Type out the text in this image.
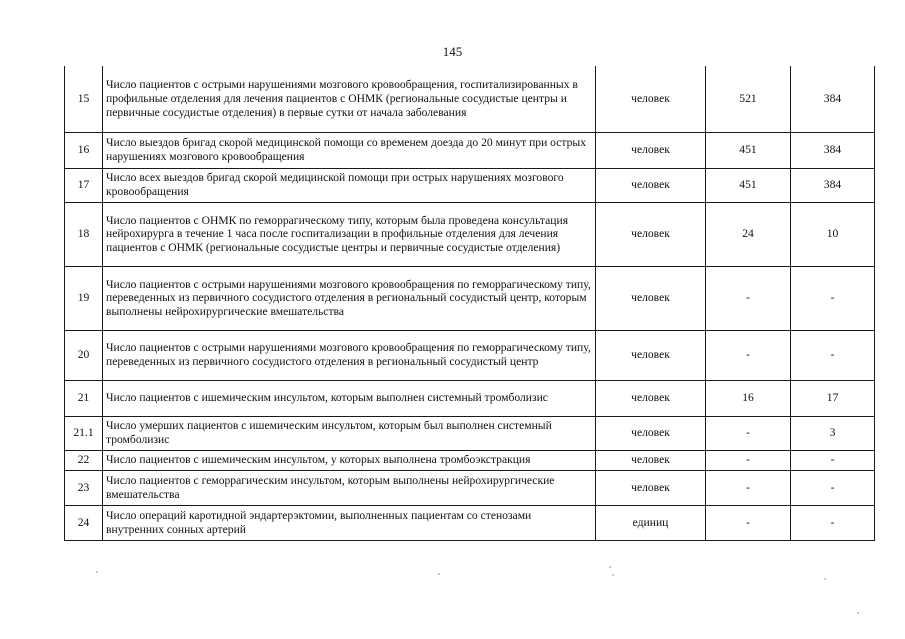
145
15	Число пациентов с острыми нарушениями мозгового кровообращения, госпитализированных в профильные отделения для лечения пациентов с ОНМК (региональные сосудистые центры и первичные сосудистые отделения) в первые сутки от начала заболевания	человек	521	384
16	Число выездов бригад скорой медицинской помощи со временем доезда до 20 минут при острых нарушениях мозгового кровообращения	человек	451	384
17	Число всех выездов бригад скорой медицинской помощи при острых нарушениях мозгового кровообращения	человек	451	384
18	Число пациентов с ОНМК по геморрагическому типу, которым была проведена консультация нейрохирурга в течение 1 часа после госпитализации в профильные отделения для лечения пациентов с ОНМК (региональные сосудистые центры и первичные сосудистые отделения)	человек	24	10
19	Число пациентов с острыми нарушениями мозгового кровообращения по геморрагическому типу, переведенных из первичного сосудистого отделения в региональный сосудистый центр, которым выполнены нейрохирургические вмешательства	человек	-	-
20	Число пациентов с острыми нарушениями мозгового кровообращения по геморрагическому типу, переведенных из первичного сосудистого отделения в региональный сосудистый центр	человек	-	-
21	Число пациентов с ишемическим инсультом, которым выполнен системный тромболизис	человек	16	17
21.1	Число умерших пациентов с ишемическим инсультом, которым был выполнен системный тромболизис	человек	-	3
22	Число пациентов с ишемическим инсультом, у которых выполнена тромбоэкстракция	человек	-	-
23	Число пациентов с геморрагическим инсультом, которым выполнены нейрохирургические вмешательства	человек	-	-
24	Число операций каротидной эндартерэктомии, выполненных пациентам со стенозами внутренних сонных артерий	единиц	-	-
